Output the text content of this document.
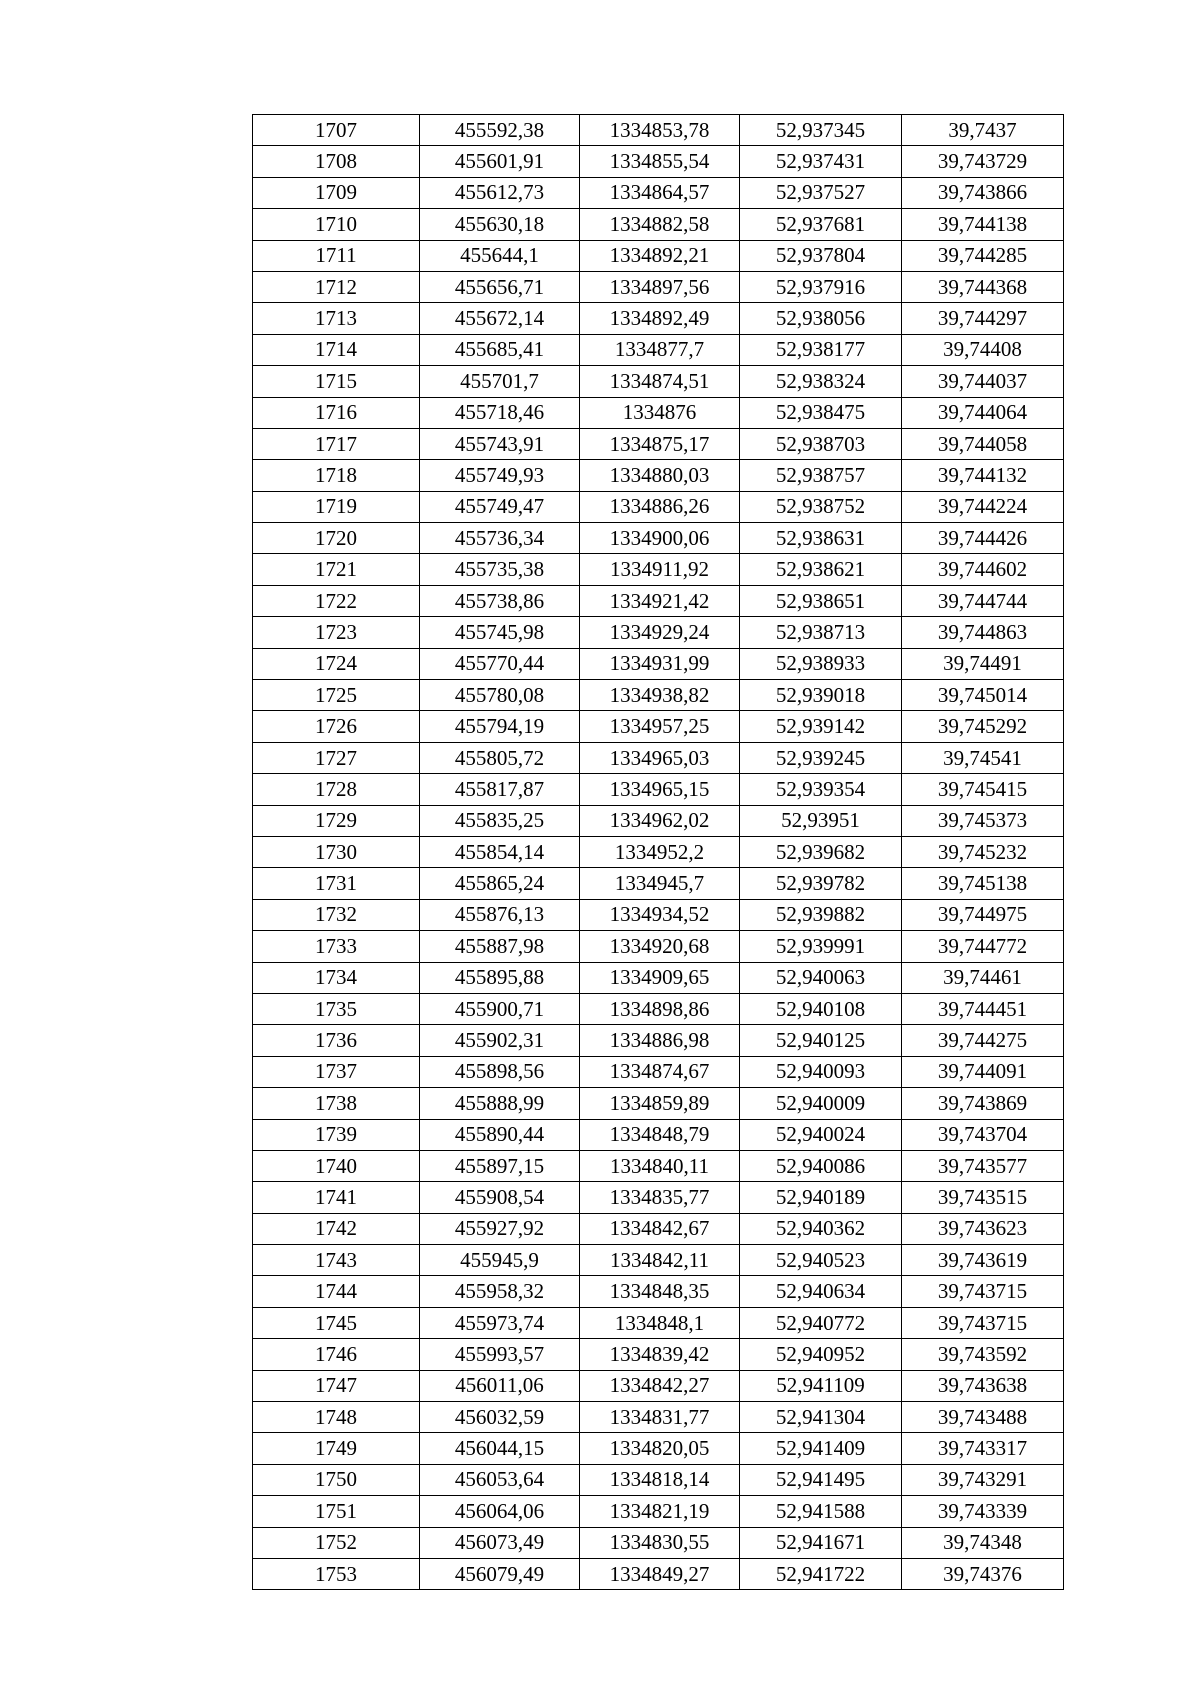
1707	455592,38	1334853,78	52,937345	39,7437
1708	455601,91	1334855,54	52,937431	39,743729
1709	455612,73	1334864,57	52,937527	39,743866
1710	455630,18	1334882,58	52,937681	39,744138
1711	455644,1	1334892,21	52,937804	39,744285
1712	455656,71	1334897,56	52,937916	39,744368
1713	455672,14	1334892,49	52,938056	39,744297
1714	455685,41	1334877,7	52,938177	39,74408
1715	455701,7	1334874,51	52,938324	39,744037
1716	455718,46	1334876	52,938475	39,744064
1717	455743,91	1334875,17	52,938703	39,744058
1718	455749,93	1334880,03	52,938757	39,744132
1719	455749,47	1334886,26	52,938752	39,744224
1720	455736,34	1334900,06	52,938631	39,744426
1721	455735,38	1334911,92	52,938621	39,744602
1722	455738,86	1334921,42	52,938651	39,744744
1723	455745,98	1334929,24	52,938713	39,744863
1724	455770,44	1334931,99	52,938933	39,74491
1725	455780,08	1334938,82	52,939018	39,745014
1726	455794,19	1334957,25	52,939142	39,745292
1727	455805,72	1334965,03	52,939245	39,74541
1728	455817,87	1334965,15	52,939354	39,745415
1729	455835,25	1334962,02	52,93951	39,745373
1730	455854,14	1334952,2	52,939682	39,745232
1731	455865,24	1334945,7	52,939782	39,745138
1732	455876,13	1334934,52	52,939882	39,744975
1733	455887,98	1334920,68	52,939991	39,744772
1734	455895,88	1334909,65	52,940063	39,74461
1735	455900,71	1334898,86	52,940108	39,744451
1736	455902,31	1334886,98	52,940125	39,744275
1737	455898,56	1334874,67	52,940093	39,744091
1738	455888,99	1334859,89	52,940009	39,743869
1739	455890,44	1334848,79	52,940024	39,743704
1740	455897,15	1334840,11	52,940086	39,743577
1741	455908,54	1334835,77	52,940189	39,743515
1742	455927,92	1334842,67	52,940362	39,743623
1743	455945,9	1334842,11	52,940523	39,743619
1744	455958,32	1334848,35	52,940634	39,743715
1745	455973,74	1334848,1	52,940772	39,743715
1746	455993,57	1334839,42	52,940952	39,743592
1747	456011,06	1334842,27	52,941109	39,743638
1748	456032,59	1334831,77	52,941304	39,743488
1749	456044,15	1334820,05	52,941409	39,743317
1750	456053,64	1334818,14	52,941495	39,743291
1751	456064,06	1334821,19	52,941588	39,743339
1752	456073,49	1334830,55	52,941671	39,74348
1753	456079,49	1334849,27	52,941722	39,74376
